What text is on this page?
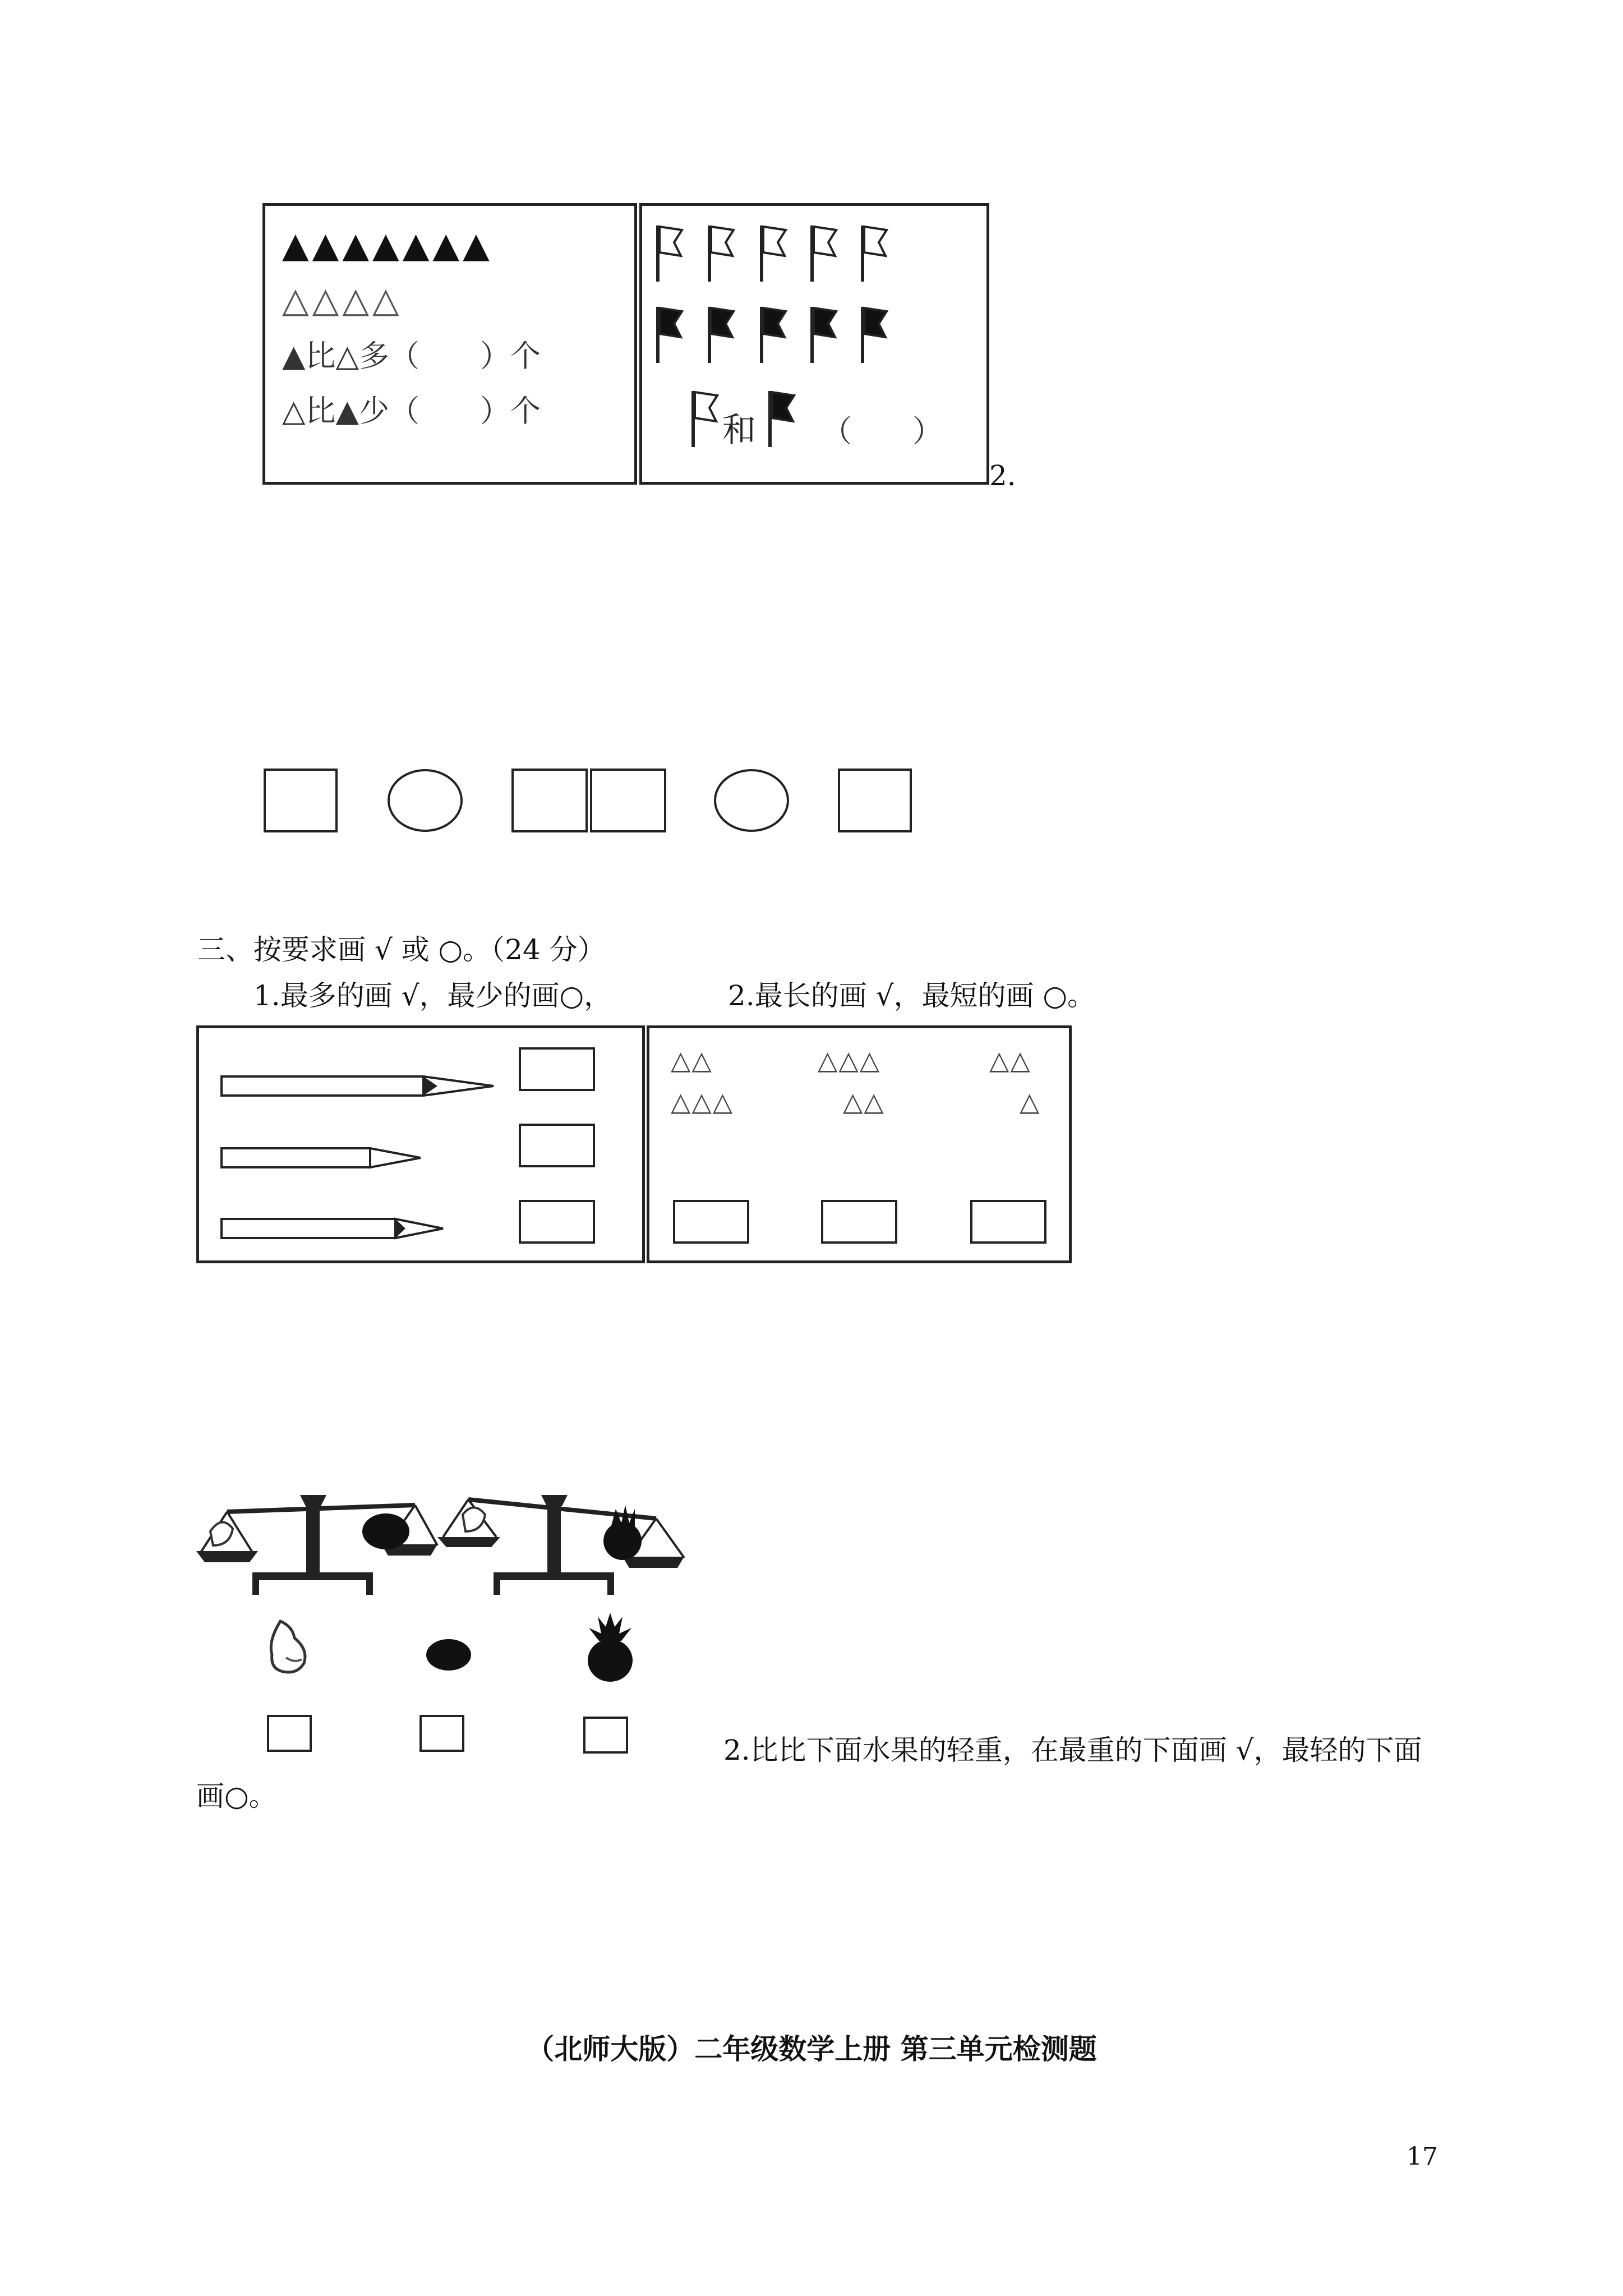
▲▲▲▲▲▲▲
△△△△
▲比△多（　　）个
△比▲少（　　）个	和 （　　）
2.
三、按要求画 √ 或 ○。（24 分）
1.最多的画 √，最少的画○，	2.最长的画 √，最短的画 ○。
△△
△△△
△△△
△△
△△
△
2.比比下面水果的轻重，在最重的下面画 √，最轻的下面
画○。
（北师大版）二年级数学上册 第三单元检测题
17
